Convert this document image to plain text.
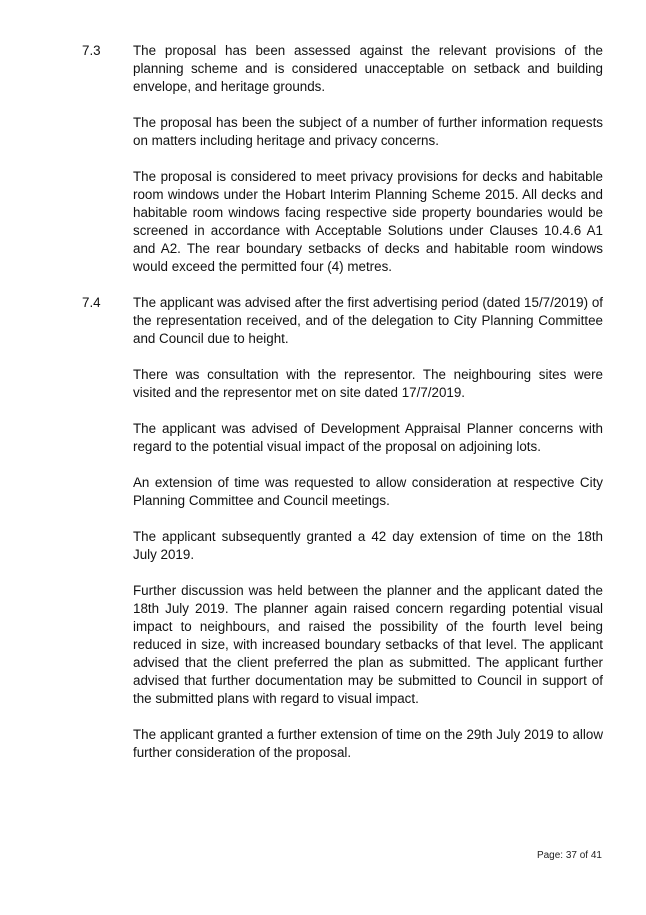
7.3 The proposal has been assessed against the relevant provisions of the planning scheme and is considered unacceptable on setback and building envelope, and heritage grounds.

The proposal has been the subject of a number of further information requests on matters including heritage and privacy concerns.

The proposal is considered to meet privacy provisions for decks and habitable room windows under the Hobart Interim Planning Scheme 2015. All decks and habitable room windows facing respective side property boundaries would be screened in accordance with Acceptable Solutions under Clauses 10.4.6 A1 and A2. The rear boundary setbacks of decks and habitable room windows would exceed the permitted four (4) metres.

7.4 The applicant was advised after the first advertising period (dated 15/7/2019) of the representation received, and of the delegation to City Planning Committee and Council due to height.

There was consultation with the representor. The neighbouring sites were visited and the representor met on site dated 17/7/2019.

The applicant was advised of Development Appraisal Planner concerns with regard to the potential visual impact of the proposal on adjoining lots.

An extension of time was requested to allow consideration at respective City Planning Committee and Council meetings.

The applicant subsequently granted a 42 day extension of time on the 18th July 2019.

Further discussion was held between the planner and the applicant dated the 18th July 2019. The planner again raised concern regarding potential visual impact to neighbours, and raised the possibility of the fourth level being reduced in size, with increased boundary setbacks of that level. The applicant advised that the client preferred the plan as submitted. The applicant further advised that further documentation may be submitted to Council in support of the submitted plans with regard to visual impact.

The applicant granted a further extension of time on the 29th July 2019 to allow further consideration of the proposal.

Page: 37 of 41
